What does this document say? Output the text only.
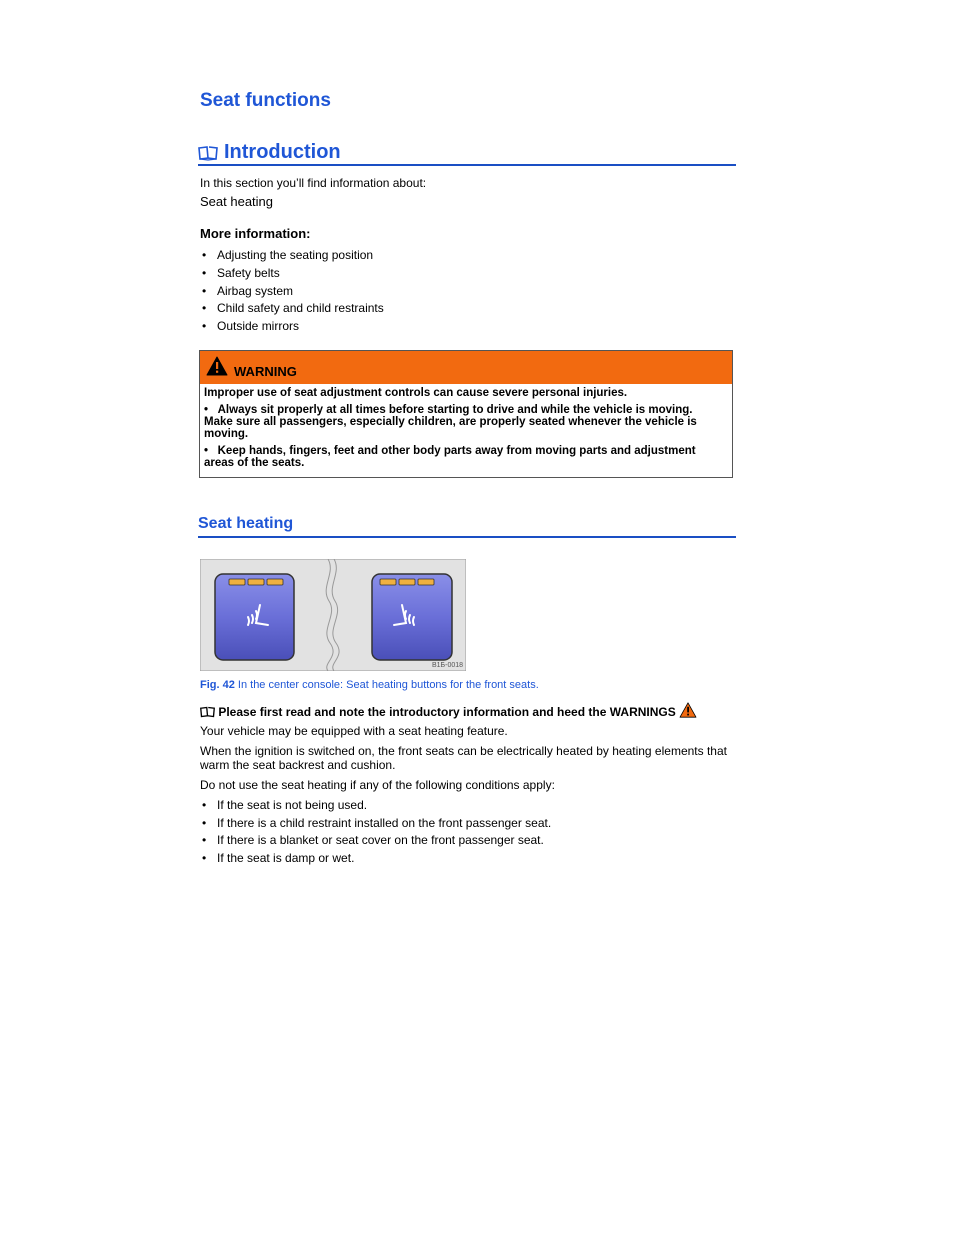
Seat functions
Introduction
In this section you’ll find information about:
Seat heating
More information:
• Adjusting the seating position
• Safety belts
• Airbag system
• Child safety and child restraints
• Outside mirrors
WARNING

Improper use of seat adjustment controls can cause severe personal injuries.

•   Always sit properly at all times before starting to drive and while the vehicle is moving. Make sure all passengers, especially children, are properly seated whenever the vehicle is moving.

•   Keep hands, fingers, feet and other body parts away from moving parts and adjustment areas of the seats.

Seat heating
B1Б-0018
Fig. 42 In the center console: Seat heating buttons for the front seats.
Please first read and note the introductory information and heed the WARNINGS
Your vehicle may be equipped with a seat heating feature.
When the ignition is switched on, the front seats can be electrically heated by heating elements that warm the seat backrest and cushion.
Do not use the seat heating if any of the following conditions apply:
• If the seat is not being used.
• If there is a child restraint installed on the front passenger seat.
• If there is a blanket or seat cover on the front passenger seat.
• If the seat is damp or wet.
